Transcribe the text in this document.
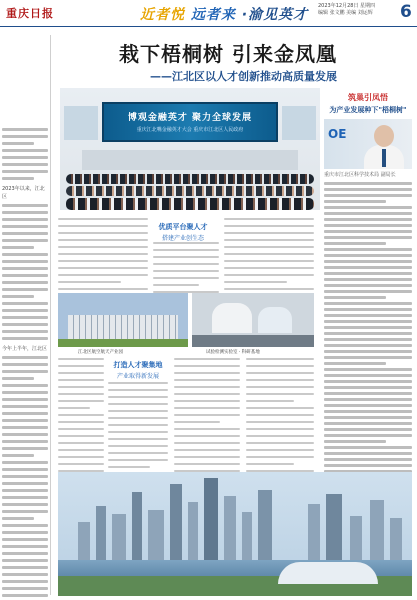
重庆日报	近者悦 远者来 ·渝见英才
2023年12月28日 星期四
编辑 张文鹏 美编 刘运辉	6
2023年以来，江北区
今年上半年，江北区
栽下梧桐树 引来金凤凰
——江北区以人才创新推动高质量发展
博观金融英才 聚力全球发展
重庆江北嘴金融英才大会 重庆市江北区人民政府
筑巢引凤悟
为产业发展种下"梧桐树"
OE
重庆市江北区科学技术局 副局长
优质平台聚人才
搭建产业创生态
江北区航空航天产业园	试验检测实验室 · 科研基地
打造人才聚集地
产业取得新发展
